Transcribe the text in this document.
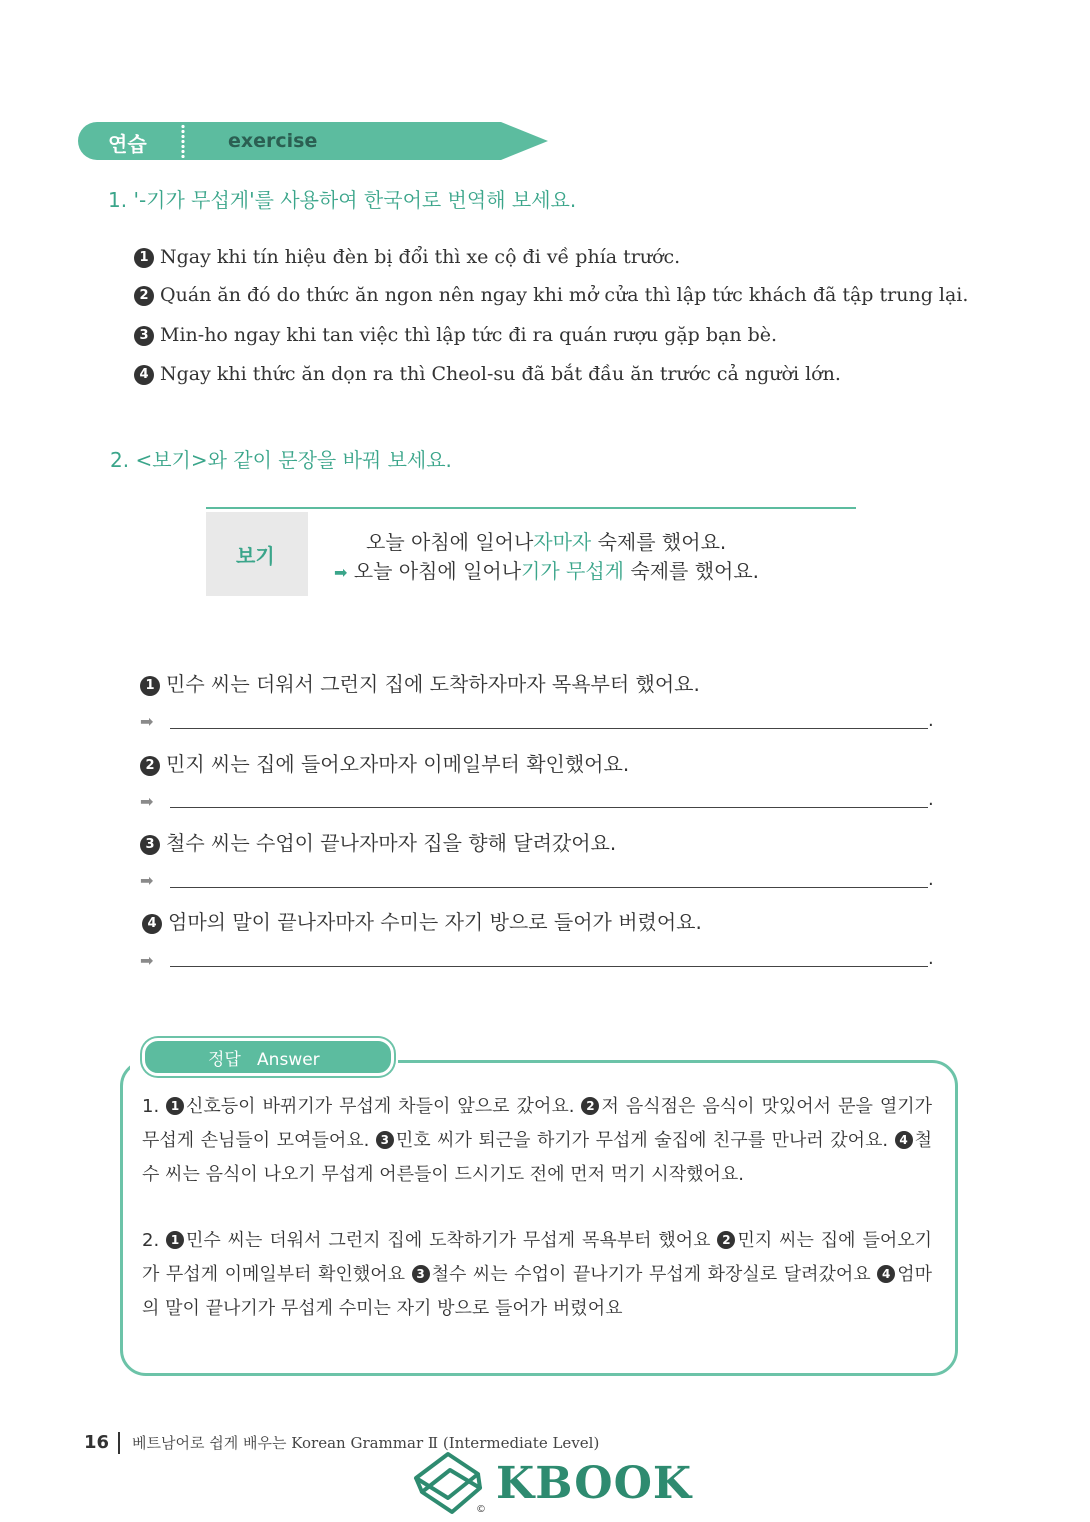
연습	exercise
1. '-기가 무섭게'를 사용하여 한국어로 번역해 보세요.
1 Ngay khi tín hiệu đèn bị đổi thì xe cộ đi về phía trước.
2 Quán ăn đó do thức ăn ngon nên ngay khi mở cửa thì lập tức khách đã tập trung lại.
3 Min-ho ngay khi tan việc thì lập tức đi ra quán rượu gặp bạn bè.
4 Ngay khi thức ăn dọn ra thì Cheol-su đã bắt đầu ăn trước cả người lớn.
2. <보기>와 같이 문장을 바꿔 보세요.
보기
오늘 아침에 일어나자마자 숙제를 했어요.
➡ 오늘 아침에 일어나기가 무섭게 숙제를 했어요.
1 민수 씨는 더워서 그런지 집에 도착하자마자 목욕부터 했어요.
➡	.
2 민지 씨는 집에 들어오자마자 이메일부터 확인했어요.
➡	.
3 철수 씨는 수업이 끝나자마자 집을 향해 달려갔어요.
➡	.
4 엄마의 말이 끝나자마자 수미는 자기 방으로 들어가 버렸어요.
➡	.
정답   Answer
1. 1 신호등이 바뀌기가 무섭게 차들이 앞으로 갔어요. 2 저 음식점은 음식이 맛있어서 문을 열기가 무섭게 손님들이 모여들어요. 3 민호 씨가 퇴근을 하기가 무섭게 술집에 친구를 만나러 갔어요. 4 철수 씨는 음식이 나오기 무섭게 어른들이 드시기도 전에 먼저 먹기 시작했어요.
2. 1 민수 씨는 더워서 그런지 집에 도착하기가 무섭게 목욕부터 했어요 2 민지 씨는 집에 들어오기가 무섭게 이메일부터 확인했어요 3 철수 씨는 수업이 끝나기가 무섭게 화장실로 달려갔어요 4 엄마의 말이 끝나기가 무섭게 수미는 자기 방으로 들어가 버렸어요
16 베트남어로 쉽게 배우는 Korean Grammar Ⅱ (Intermediate Level)
KBOOK
©
